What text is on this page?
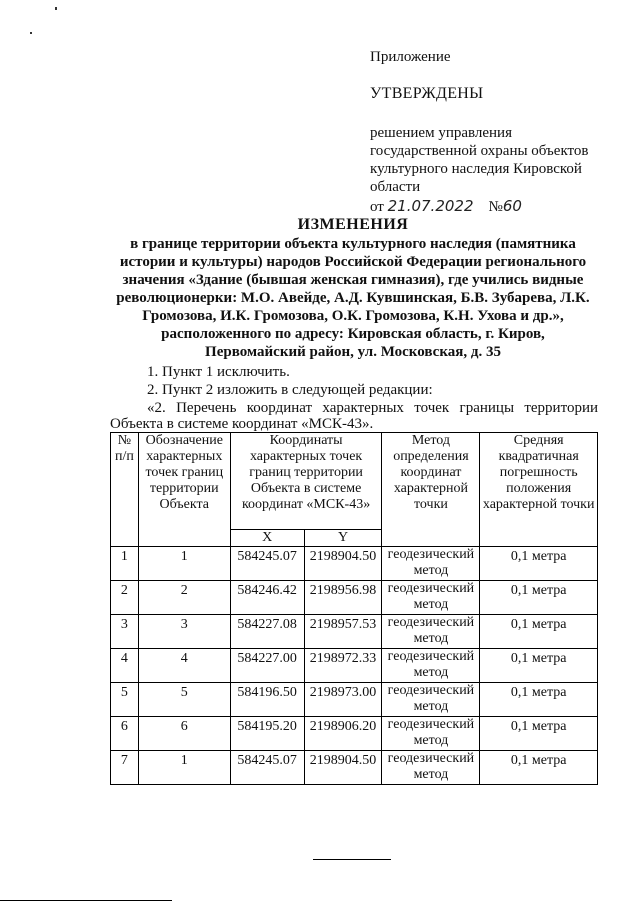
Приложение
УТВЕРЖДЕНЫ
решением управления государственной охраны объектов культурного наследия Кировской области
от 21.07.2022 №60
ИЗМЕНЕНИЯ
в границе территории объекта культурного наследия (памятника истории и культуры) народов Российской Федерации регионального значения «Здание (бывшая женская гимназия), где учились видные революционерки: М.О. Авейде, А.Д. Кувшинская, Б.В. Зубарева, Л.К. Громозова, И.К. Громозова, О.К. Громозова, К.Н. Ухова и др.», расположенного по адресу: Кировская область, г. Киров, Первомайский район, ул. Московская, д. 35
1. Пункт 1 исключить.
2. Пункт 2 изложить в следующей редакции:
«2. Перечень координат характерных точек границы территории
Объекта в системе координат «МСК-43».
№ п/п	Обозначение характерных точек границ территории Объекта	Координаты характерных точек границ территории Объекта в системе координат «МСК-43»		Метод определения координат характерной точки	Средняя квадратичная погрешность положения характерной точки
		X	Y		
1	1	584245.07	2198904.50	геодезический метод	0,1 метра
2	2	584246.42	2198956.98	геодезический метод	0,1 метра
3	3	584227.08	2198957.53	геодезический метод	0,1 метра
4	4	584227.00	2198972.33	геодезический метод	0,1 метра
5	5	584196.50	2198973.00	геодезический метод	0,1 метра
6	6	584195.20	2198906.20	геодезический метод	0,1 метра
7	1	584245.07	2198904.50	геодезический метод	0,1 метра
